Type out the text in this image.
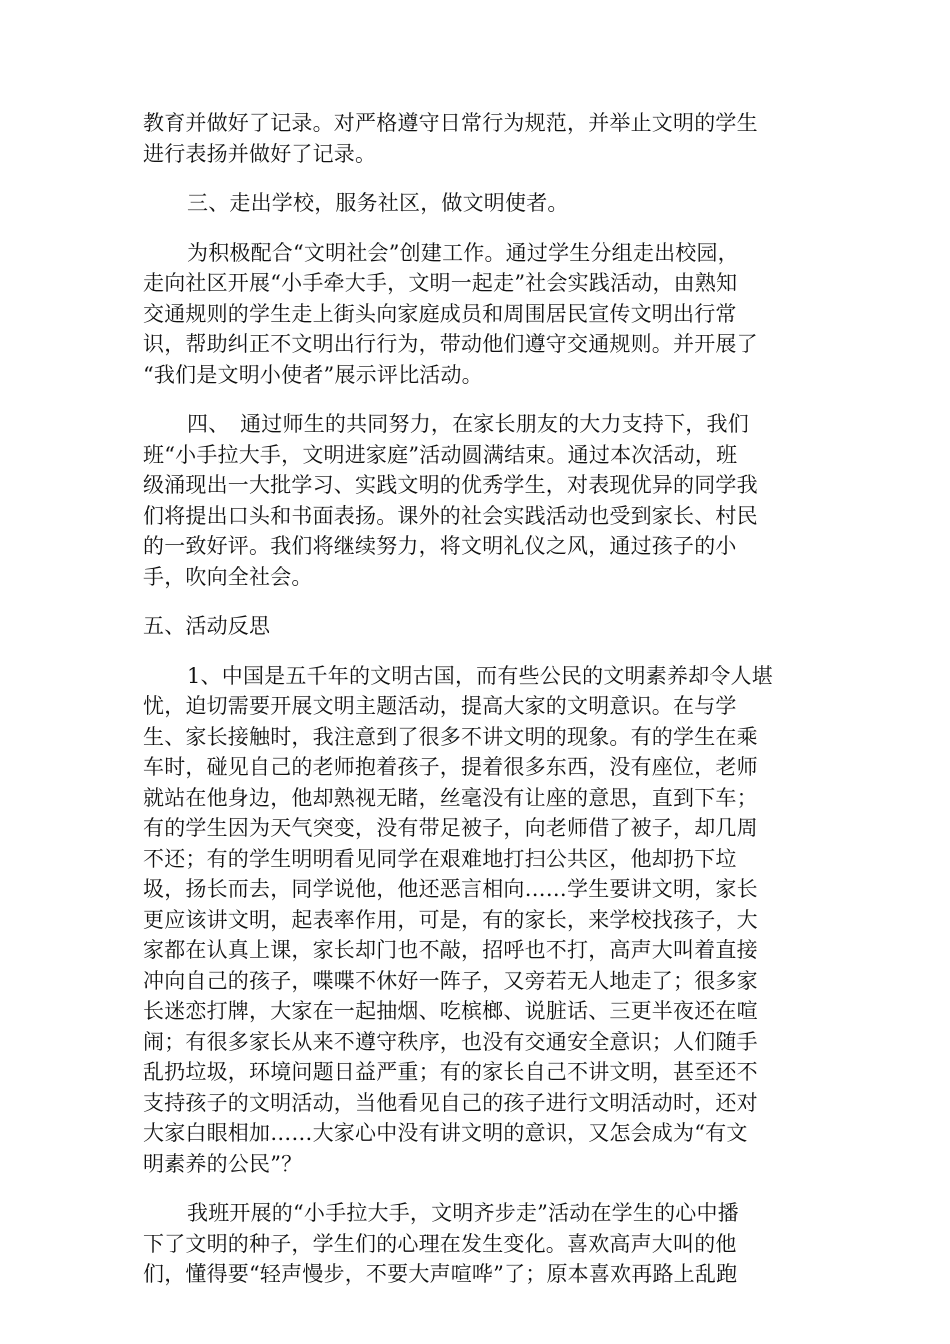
教育并做好了记录。对严格遵守日常行为规范，并举止文明的学生
进行表扬并做好了记录。
三、走出学校，服务社区，做文明使者。
为积极配合“文明社会”创建工作。通过学生分组走出校园，
走向社区开展“小手牵大手，文明一起走”社会实践活动，由熟知
交通规则的学生走上街头向家庭成员和周围居民宣传文明出行常
识，帮助纠正不文明出行行为，带动他们遵守交通规则。并开展了
“我们是文明小使者”展示评比活动。
四、　通过师生的共同努力，在家长朋友的大力支持下，我们
班“小手拉大手，文明进家庭”活动圆满结束。通过本次活动，班
级涌现出一大批学习、实践文明的优秀学生，对表现优异的同学我
们将提出口头和书面表扬。课外的社会实践活动也受到家长、村民
的一致好评。我们将继续努力，将文明礼仪之风，通过孩子的小
手，吹向全社会。
五、活动反思
1、中国是五千年的文明古国，而有些公民的文明素养却令人堪
忧，迫切需要开展文明主题活动，提高大家的文明意识。在与学
生、家长接触时，我注意到了很多不讲文明的现象。有的学生在乘
车时，碰见自己的老师抱着孩子，提着很多东西，没有座位，老师
就站在他身边，他却熟视无睹，丝毫没有让座的意思，直到下车；
有的学生因为天气突变，没有带足被子，向老师借了被子，却几周
不还；有的学生明明看见同学在艰难地打扫公共区，他却扔下垃
圾，扬长而去，同学说他，他还恶言相向……学生要讲文明，家长
更应该讲文明，起表率作用，可是，有的家长，来学校找孩子，大
家都在认真上课，家长却门也不敲，招呼也不打，高声大叫着直接
冲向自己的孩子，喋喋不休好一阵子，又旁若无人地走了；很多家
长迷恋打牌，大家在一起抽烟、吃槟榔、说脏话、三更半夜还在喧
闹；有很多家长从来不遵守秩序，也没有交通安全意识；人们随手
乱扔垃圾，环境问题日益严重；有的家长自己不讲文明，甚至还不
支持孩子的文明活动，当他看见自己的孩子进行文明活动时，还对
大家白眼相加……大家心中没有讲文明的意识，又怎会成为“有文
明素养的公民”？
我班开展的“小手拉大手，文明齐步走”活动在学生的心中播
下了文明的种子，学生们的心理在发生变化。喜欢高声大叫的他
们，懂得要“轻声慢步，不要大声喧哗”了；原本喜欢再路上乱跑
